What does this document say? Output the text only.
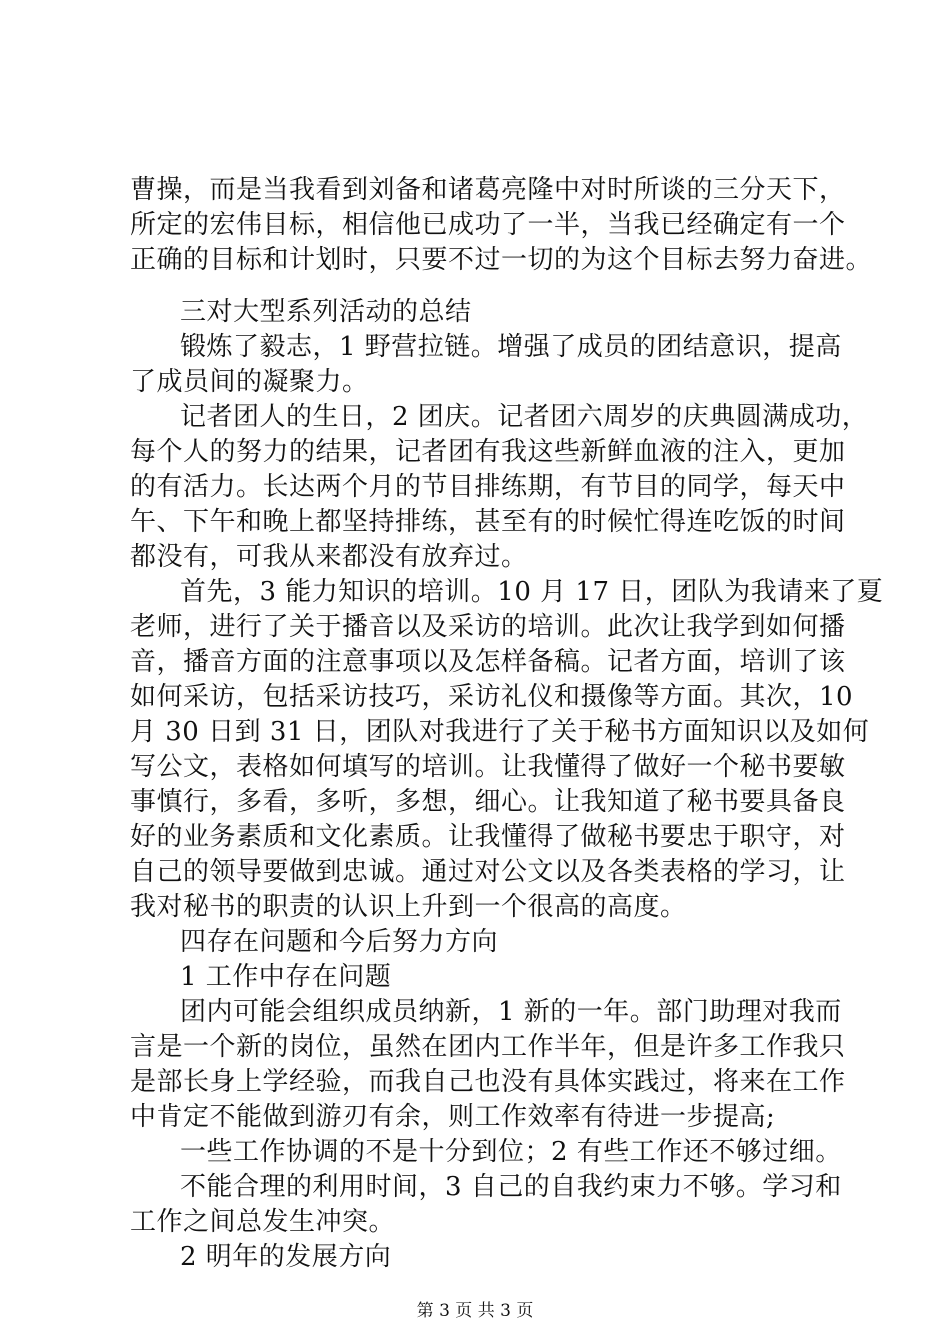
曹操，而是当我看到刘备和诸葛亮隆中对时所谈的三分天下，
所定的宏伟目标，相信他已成功了一半，当我已经确定有一个
正确的目标和计划时，只要不过一切的为这个目标去努力奋进。
三对大型系列活动的总结
锻炼了毅志，1 野营拉链。增强了成员的团结意识，提高
了成员间的凝聚力。
记者团人的生日，2 团庆。记者团六周岁的庆典圆满成功，
每个人的努力的结果，记者团有我这些新鲜血液的注入，更加
的有活力。长达两个月的节目排练期，有节目的同学，每天中
午、下午和晚上都坚持排练，甚至有的时候忙得连吃饭的时间
都没有，可我从来都没有放弃过。
首先，3 能力知识的培训。10 月 17 日，团队为我请来了夏
老师，进行了关于播音以及采访的培训。此次让我学到如何播
音，播音方面的注意事项以及怎样备稿。记者方面，培训了该
如何采访，包括采访技巧，采访礼仪和摄像等方面。其次，10
月 30 日到 31 日，团队对我进行了关于秘书方面知识以及如何
写公文，表格如何填写的培训。让我懂得了做好一个秘书要敏
事慎行，多看，多听，多想，细心。让我知道了秘书要具备良
好的业务素质和文化素质。让我懂得了做秘书要忠于职守，对
自己的领导要做到忠诚。通过对公文以及各类表格的学习，让
我对秘书的职责的认识上升到一个很高的高度。
四存在问题和今后努力方向
1 工作中存在问题
团内可能会组织成员纳新，1 新的一年。部门助理对我而
言是一个新的岗位，虽然在团内工作半年，但是许多工作我只
是部长身上学经验，而我自己也没有具体实践过，将来在工作
中肯定不能做到游刃有余，则工作效率有待进一步提高;
一些工作协调的不是十分到位；2 有些工作还不够过细。
不能合理的利用时间，3 自己的自我约束力不够。学习和
工作之间总发生冲突。
2 明年的发展方向
第 3 页 共 3 页
